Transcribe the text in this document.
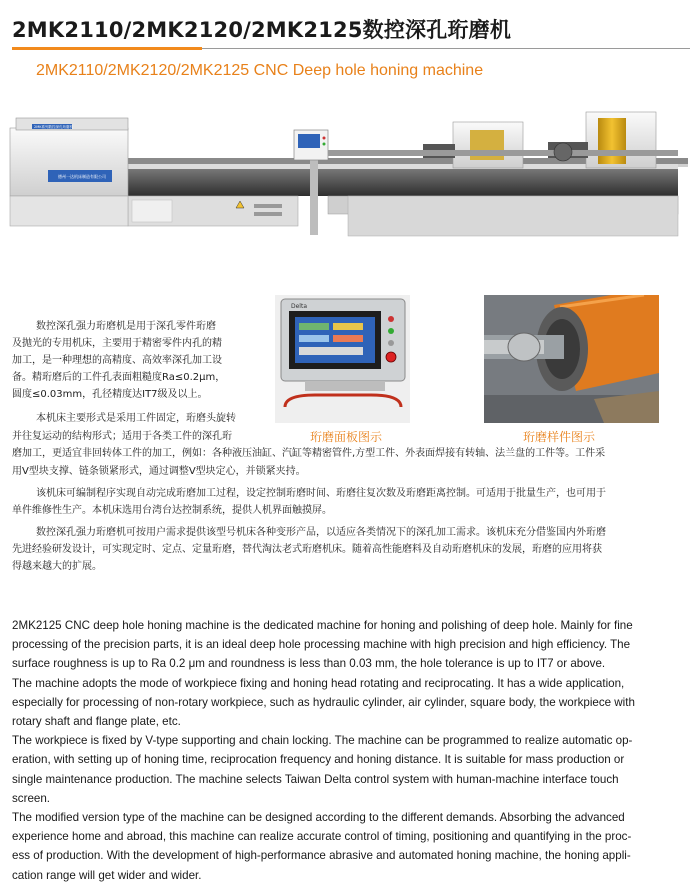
2MK2110/2MK2120/2MK2125数控深孔珩磨机
2MK2110/2MK2120/2MK2125 CNC Deep hole honing machine
2MK系列数控深孔珩磨机
德州一达机床制造有限公司
Delta
珩磨面板图示	珩磨样件图示
数控深孔强力珩磨机是用于深孔零件珩磨
及抛光的专用机床，主要用于精密零件内孔的精
加工，是一种理想的高精度、高效率深孔加工设
备。精珩磨后的工件孔表面粗糙度Ra≤0.2μm，
圆度≤0.03mm，孔径精度达IT7级及以上。
本机床主要形式是采用工件固定，珩磨头旋转
并往复运动的结构形式；适用于各类工件的深孔珩
磨加工，更适宜非回转体工件的加工，例如：各种液压油缸、汽缸等精密管件,方型工件、外表面焊接有转轴、法兰盘的工件等。工件采
用V型块支撑、链条锁紧形式，通过调整V型块定心，并锁紧夹持。
该机床可编制程序实现自动完成珩磨加工过程，设定控制珩磨时间、珩磨往复次数及珩磨距离控制。可适用于批量生产，也可用于
单件维修性生产。本机床选用台湾台达控制系统，提供人机界面触摸屏。
数控深孔强力珩磨机可按用户需求提供该型号机床各种变形产品，以适应各类情况下的深孔加工需求。该机床充分借鉴国内外珩磨
先进经验研发设计，可实现定时、定点、定量珩磨，替代淘汰老式珩磨机床。随着高性能磨料及自动珩磨机床的发展，珩磨的应用将获
得越来越大的扩展。

2MK2125 CNC deep hole honing machine is the dedicated machine for honing and polishing of deep hole. Mainly for fine

processing of the precision parts, it is an ideal deep hole processing machine with high precision and high efficiency. The

surface roughness is up to Ra 0.2 μm and roundness is less than 0.03 mm, the hole tolerance is up to IT7 or above.

The machine adopts the mode of workpiece fixing and honing head rotating and reciprocating. It has a wide application,

especially for processing of non-rotary workpiece, such as hydraulic cylinder, air cylinder, square body, the workpiece with

rotary shaft and flange plate, etc.

The workpiece is fixed by V-type supporting and chain locking. The machine can be programmed to realize automatic op-

eration, with setting up of honing time, reciprocation frequency and honing distance. It is suitable for mass production or

single maintenance production. The machine selects Taiwan Delta control system with human-machine interface touch

screen.

The modified version type of the machine can be designed according to the different demands. Absorbing the advanced

experience home and abroad, this machine can realize accurate control of timing, positioning and quantifying in the proc-

ess of production. With the development of high-performance abrasive and automated honing machine, the honing appli-

cation range will get wider and wider.
